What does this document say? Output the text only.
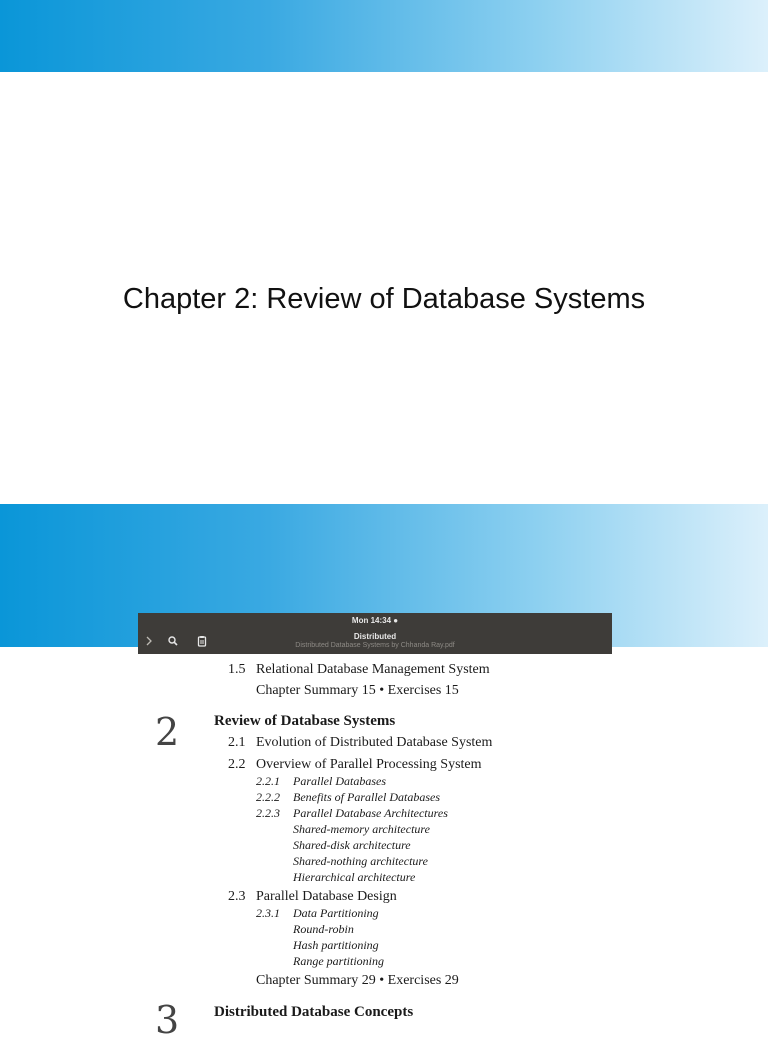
Chapter 2: Review of Database Systems
Mon 14:34 ●
Distributed
Distributed Database Systems by Chhanda Ray.pdf
1.5 Relational Database Management System
Chapter Summary 15 • Exercises 15
2 Review of Database Systems
2.1 Evolution of Distributed Database System
2.2 Overview of Parallel Processing System
2.2.1 Parallel Databases
2.2.2 Benefits of Parallel Databases
2.2.3 Parallel Database Architectures
Shared-memory architecture
Shared-disk architecture
Shared-nothing architecture
Hierarchical architecture
2.3 Parallel Database Design
2.3.1 Data Partitioning
Round-robin
Hash partitioning
Range partitioning
Chapter Summary 29 • Exercises 29
3 Distributed Database Concepts
